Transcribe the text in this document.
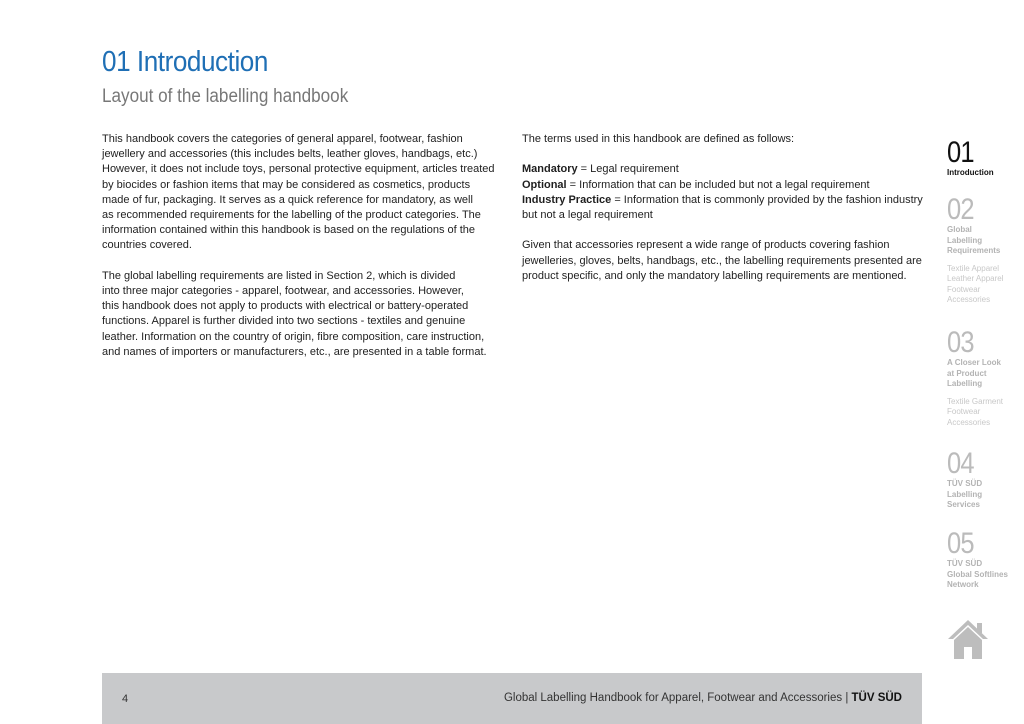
01 Introduction
Layout of the labelling handbook

This handbook covers the categories of general apparel, footwear, fashion
jewellery and accessories (this includes belts, leather gloves, handbags, etc.)
However, it does not include toys, personal protective equipment, articles treated
by biocides or fashion items that may be considered as cosmetics, products
made of fur, packaging. It serves as a quick reference for mandatory, as well
as recommended requirements for the labelling of the product categories. The
information contained within this handbook is based on the regulations of the
countries covered.

The global labelling requirements are listed in Section 2, which is divided
into three major categories - apparel, footwear, and accessories. However,
this handbook does not apply to products with electrical or battery-operated
functions. Apparel is further divided into two sections - textiles and genuine
leather. Information on the country of origin, fibre composition, care instruction,
and names of importers or manufacturers, etc., are presented in a table format.

The terms used in this handbook are defined as follows:

Mandatory = Legal requirement
Optional = Information that can be included but not a legal requirement
Industry Practice = Information that is commonly provided by the fashion industry
but not a legal requirement

Given that accessories represent a wide range of products covering fashion
jewelleries, gloves, belts, handbags, etc., the labelling requirements presented are
product specific, and only the mandatory labelling requirements are mentioned.

01
Introduction
02
Global
Labelling
Requirements
Textile Apparel
Leather Apparel
Footwear
Accessories
03
A Closer Look
at Product
Labelling
Textile Garment
Footwear
Accessories
04
TÜV SÜD
Labelling
Services
05
TÜV SÜD
Global Softlines
Network
4	Global Labelling Handbook for Apparel, Footwear and Accessories | TÜV SÜD
